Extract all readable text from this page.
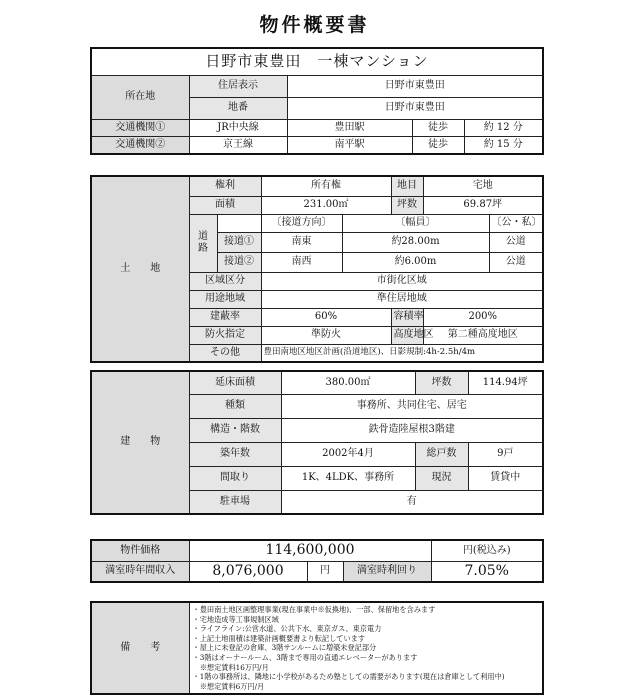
物件概要書
日野市東豊田　一棟マンション				
所在地	住居表示	日野市東豊田		
	地番	日野市東豊田		
交通機関①	JR中央線	豊田駅	徒歩	約 12 分
交通機関②	京王線	南平駅	徒歩	約 15 分
土　　地	権利		所有権		地目	宅地	
	面積		231.00㎡		坪数	69.87坪	
	道路		〔接道方向〕	〔幅員〕			〔公・私〕
		接道①	南東	約28.00m			公道
		接道②	南西	約6.00m			公道
	区域区分		市街化区域				
	用途地域		準住居地域				
	建蔽率		60%		容積率	200%	
	防火指定		準防火		高度地区	第二種高度地区	
	その他		豊田南地区地区計画(沿道地区)、日影規制:4h-2.5h/4m				
建　　物	延床面積	380.00㎡	坪数	114.94坪
	種類	事務所、共同住宅、居宅		
	構造・階数	鉄骨造陸屋根3階建		
	築年数	2002年4月	総戸数	9戸
	間取り	1K、4LDK、事務所	現況	賃貸中
	駐車場	有		
物件価格	114,600,000			円(税込み)
満室時年間収入	8,076,000	円	満室時利回り	7.05%
備　　考	
・豊田南土地区画整理事業(現在事業中※仮換地)、一部、保留地を含みます
・宅地造成等工事規制区域
・ライフライン:公営水道、公共下水、東京ガス、東京電力
・上記土地面積は建築計画概要書より転記しています
・屋上に未登記の倉庫、3階サンルームに増築未登記部分
・3階はオーナールーム、3階まで専用の直通エレベーターがあります
　※想定賃料16万円/月
・1階の事務所は、隣地に小学校があるため塾としての需要があります(現在は倉庫として利用中)
　※想定賃料6万円/月
